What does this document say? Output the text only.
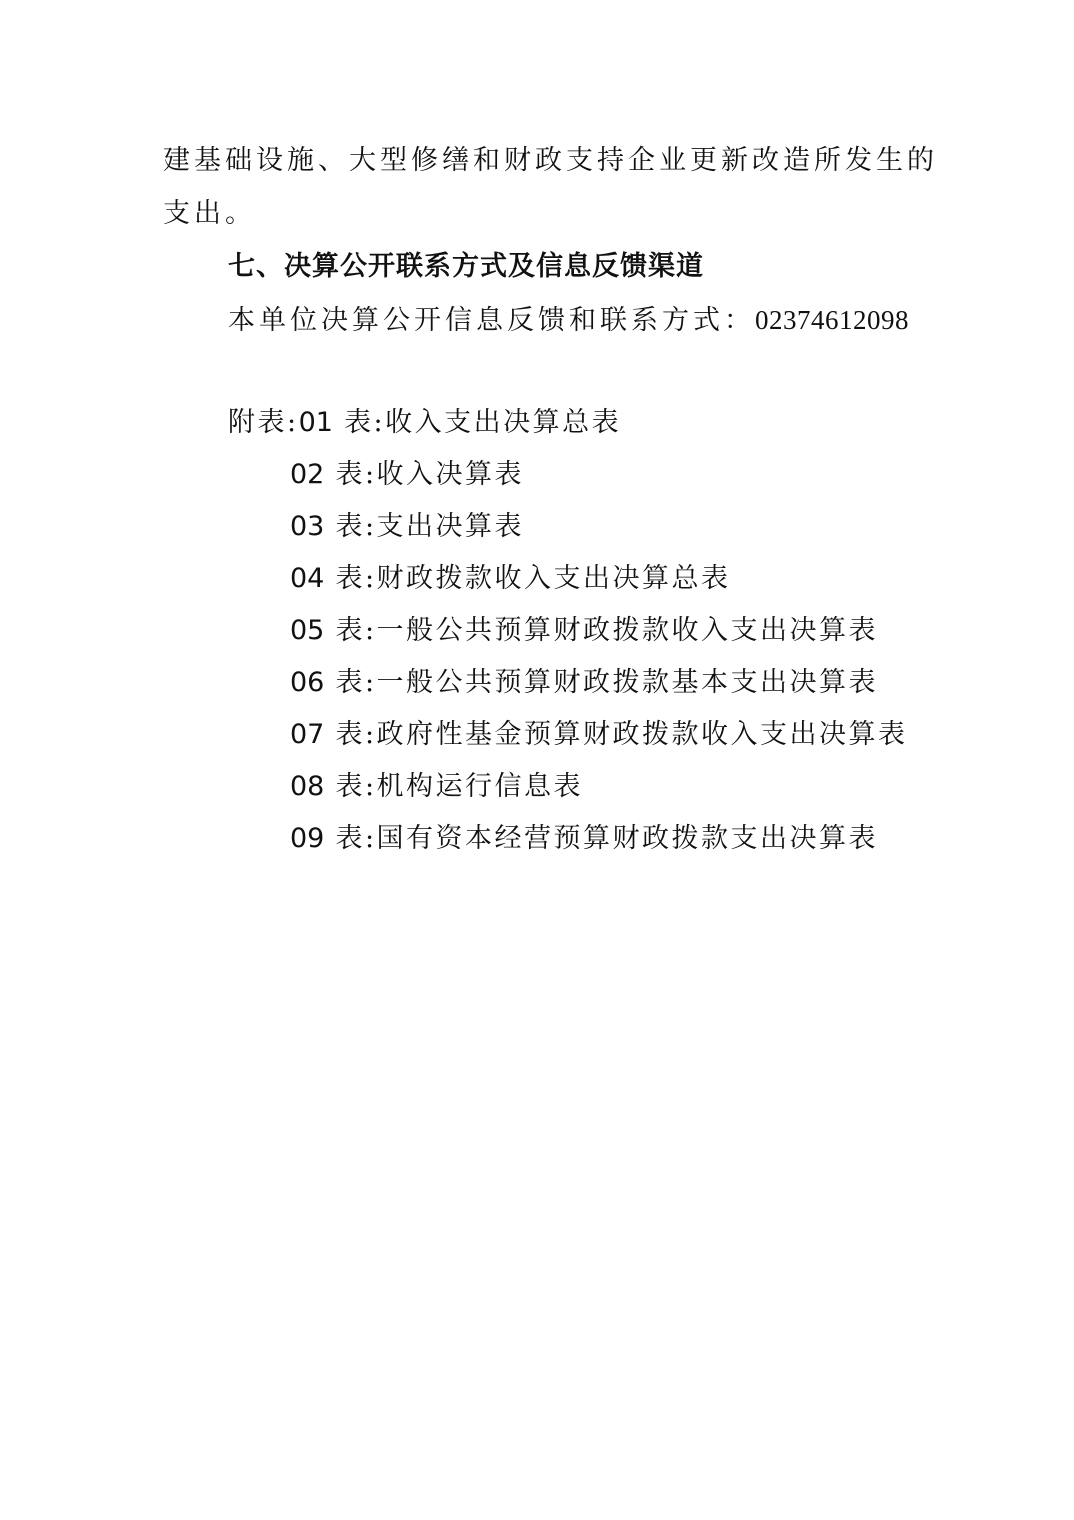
建基础设施、大型修缮和财政支持企业更新改造所发生的
支出。
七、决算公开联系方式及信息反馈渠道
本单位决算公开信息反馈和联系方式：02374612098
附表:01 表:收入支出决算总表
02 表:收入决算表
03 表:支出决算表
04 表:财政拨款收入支出决算总表
05 表:一般公共预算财政拨款收入支出决算表
06 表:一般公共预算财政拨款基本支出决算表
07 表:政府性基金预算财政拨款收入支出决算表
08 表:机构运行信息表
09 表:国有资本经营预算财政拨款支出决算表
